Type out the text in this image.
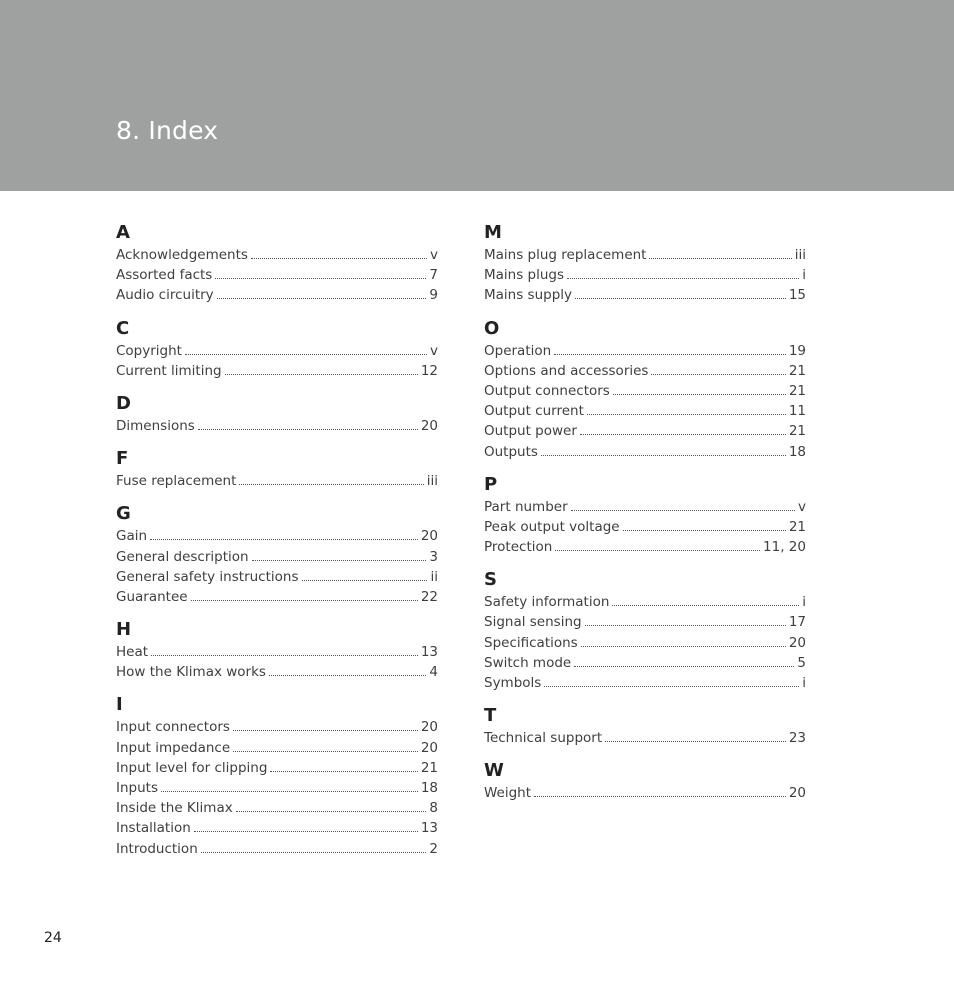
8. Index
A
Acknowledgements	v
Assorted facts	7
Audio circuitry	9
C
Copyright	v
Current limiting	12
D
Dimensions	20
F
Fuse replacement	iii
G
Gain	20
General description	3
General safety instructions	ii
Guarantee	22
H
Heat	13
How the Klimax works	4
I
Input connectors	20
Input impedance	20
Input level for clipping	21
Inputs	18
Inside the Klimax	8
Installation	13
Introduction	2
M
Mains plug replacement	iii
Mains plugs	i
Mains supply	15
O
Operation	19
Options and accessories	21
Output connectors	21
Output current	11
Output power	21
Outputs	18
P
Part number	v
Peak output voltage	21
Protection	11, 20
S
Safety information	i
Signal sensing	17
Specifications	20
Switch mode	5
Symbols	i
T
Technical support	23
W
Weight	20
24
